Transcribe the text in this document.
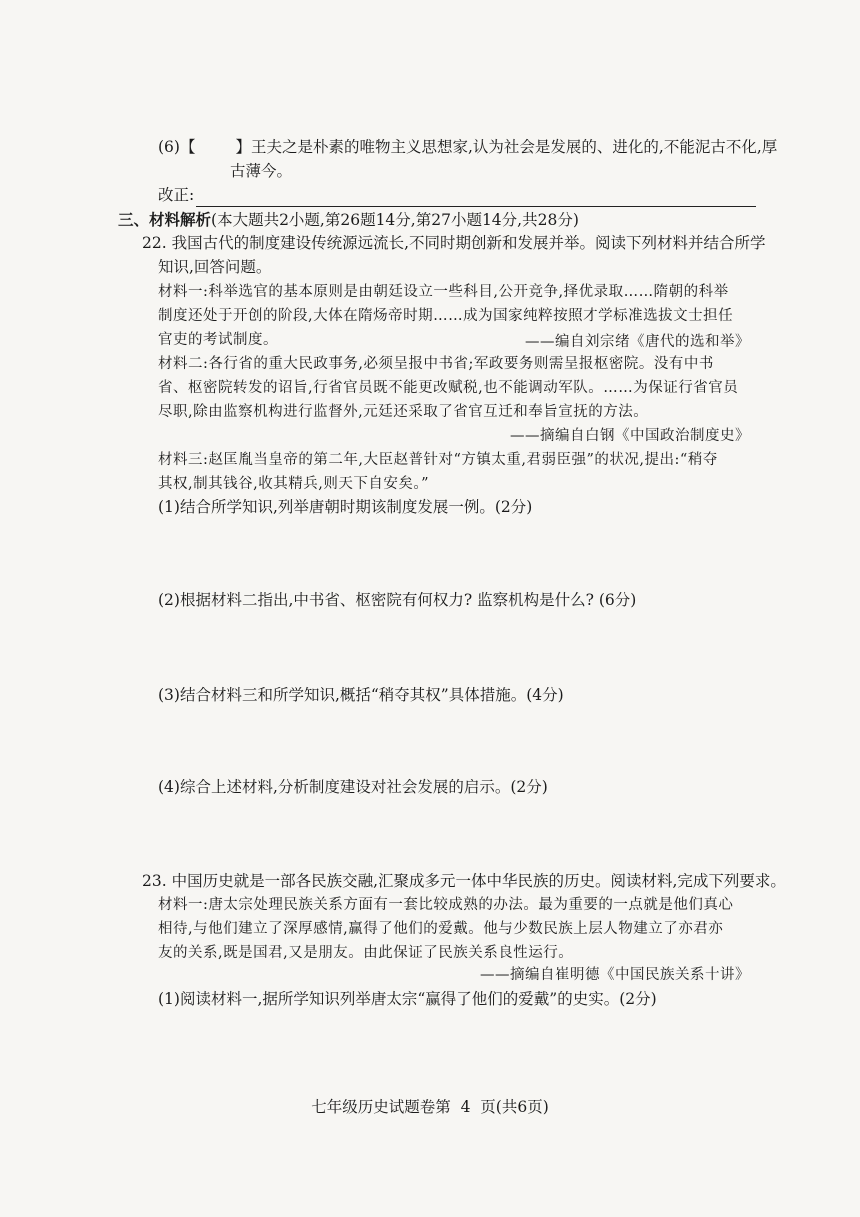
(6)【	】王夫之是朴素的唯物主义思想家,认为社会是发展的、进化的,不能泥古不化,厚
古薄今。
改正:
三、材料解析(本大题共2小题,第26题14分,第27小题14分,共28分)
22. 我国古代的制度建设传统源远流长,不同时期创新和发展并举。阅读下列材料并结合所学
知识,回答问题。
材料一:科举选官的基本原则是由朝廷设立一些科目,公开竞争,择优录取……隋朝的科举
制度还处于开创的阶段,大体在隋炀帝时期……成为国家纯粹按照才学标准选拔文士担任
官吏的考试制度。	——编自刘宗绪《唐代的选和举》
材料二:各行省的重大民政事务,必须呈报中书省;军政要务则需呈报枢密院。没有中书
省、枢密院转发的诏旨,行省官员既不能更改赋税,也不能调动军队。……为保证行省官员
尽职,除由监察机构进行监督外,元廷还采取了省官互迁和奉旨宣抚的方法。
——摘编自白钢《中国政治制度史》
材料三:赵匡胤当皇帝的第二年,大臣赵普针对“方镇太重,君弱臣强”的状况,提出:“稍夺
其权,制其钱谷,收其精兵,则天下自安矣。”
(1)结合所学知识,列举唐朝时期该制度发展一例。(2分)
(2)根据材料二指出,中书省、枢密院有何权力? 监察机构是什么? (6分)
(3)结合材料三和所学知识,概括“稍夺其权”具体措施。(4分)
(4)综合上述材料,分析制度建设对社会发展的启示。(2分)
23. 中国历史就是一部各民族交融,汇聚成多元一体中华民族的历史。阅读材料,完成下列要求。
材料一:唐太宗处理民族关系方面有一套比较成熟的办法。最为重要的一点就是他们真心
相待,与他们建立了深厚感情,赢得了他们的爱戴。他与少数民族上层人物建立了亦君亦
友的关系,既是国君,又是朋友。由此保证了民族关系良性运行。
——摘编自崔明德《中国民族关系十讲》
(1)阅读材料一,据所学知识列举唐太宗“赢得了他们的爱戴”的史实。(2分)
七年级历史试题卷第  4  页(共6页)
